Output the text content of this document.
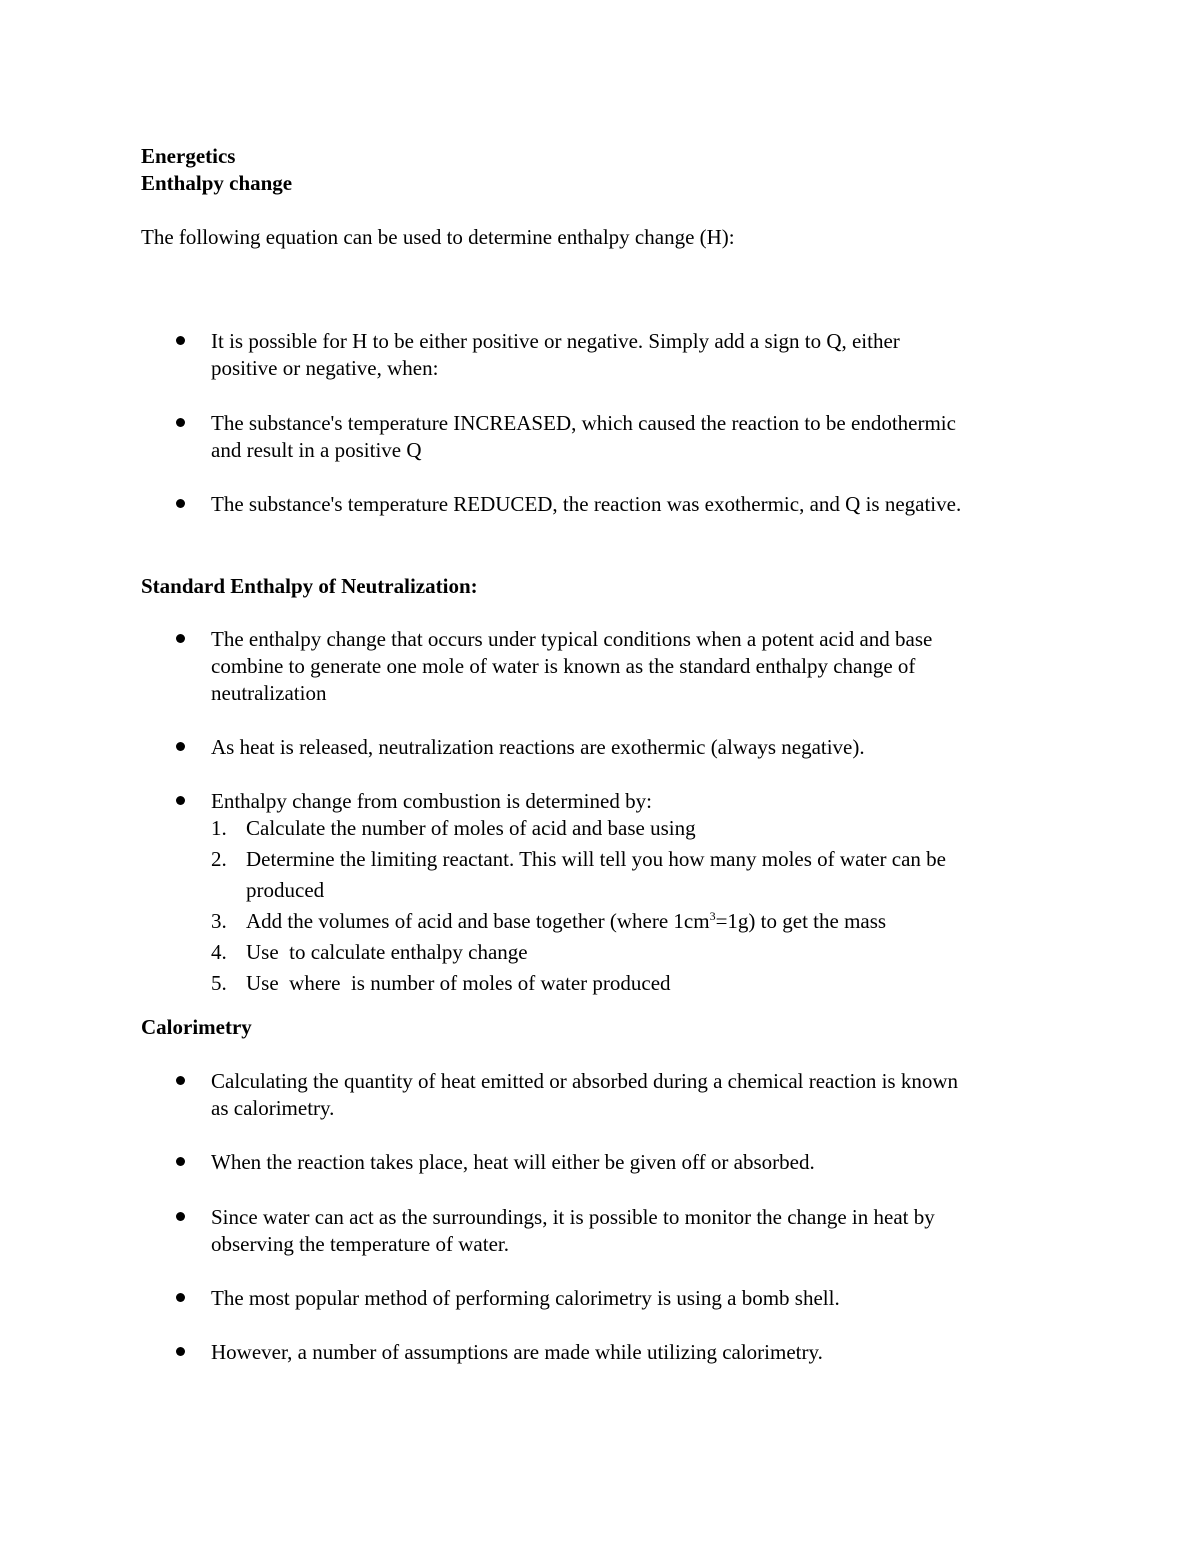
Energetics
Enthalpy change
The following equation can be used to determine enthalpy change (H):
It is possible for H to be either positive or negative. Simply add a sign to Q, either
positive or negative, when:
The substance's temperature INCREASED, which caused the reaction to be endothermic
and result in a positive Q
The substance's temperature REDUCED, the reaction was exothermic, and Q is negative.
Standard Enthalpy of Neutralization:
The enthalpy change that occurs under typical conditions when a potent acid and base
combine to generate one mole of water is known as the standard enthalpy change of
neutralization
As heat is released, neutralization reactions are exothermic (always negative).
Enthalpy change from combustion is determined by:
1. Calculate the number of moles of acid and base using
2. Determine the limiting reactant. This will tell you how many moles of water can be
produced
3. Add the volumes of acid and base together (where $1cm^3=1g$) to get the mass
4. Use  to calculate enthalpy change
5. Use  where  is number of moles of water produced
Calorimetry
Calculating the quantity of heat emitted or absorbed during a chemical reaction is known
as calorimetry.
When the reaction takes place, heat will either be given off or absorbed.
Since water can act as the surroundings, it is possible to monitor the change in heat by
observing the temperature of water.
The most popular method of performing calorimetry is using a bomb shell.
However, a number of assumptions are made while utilizing calorimetry.
